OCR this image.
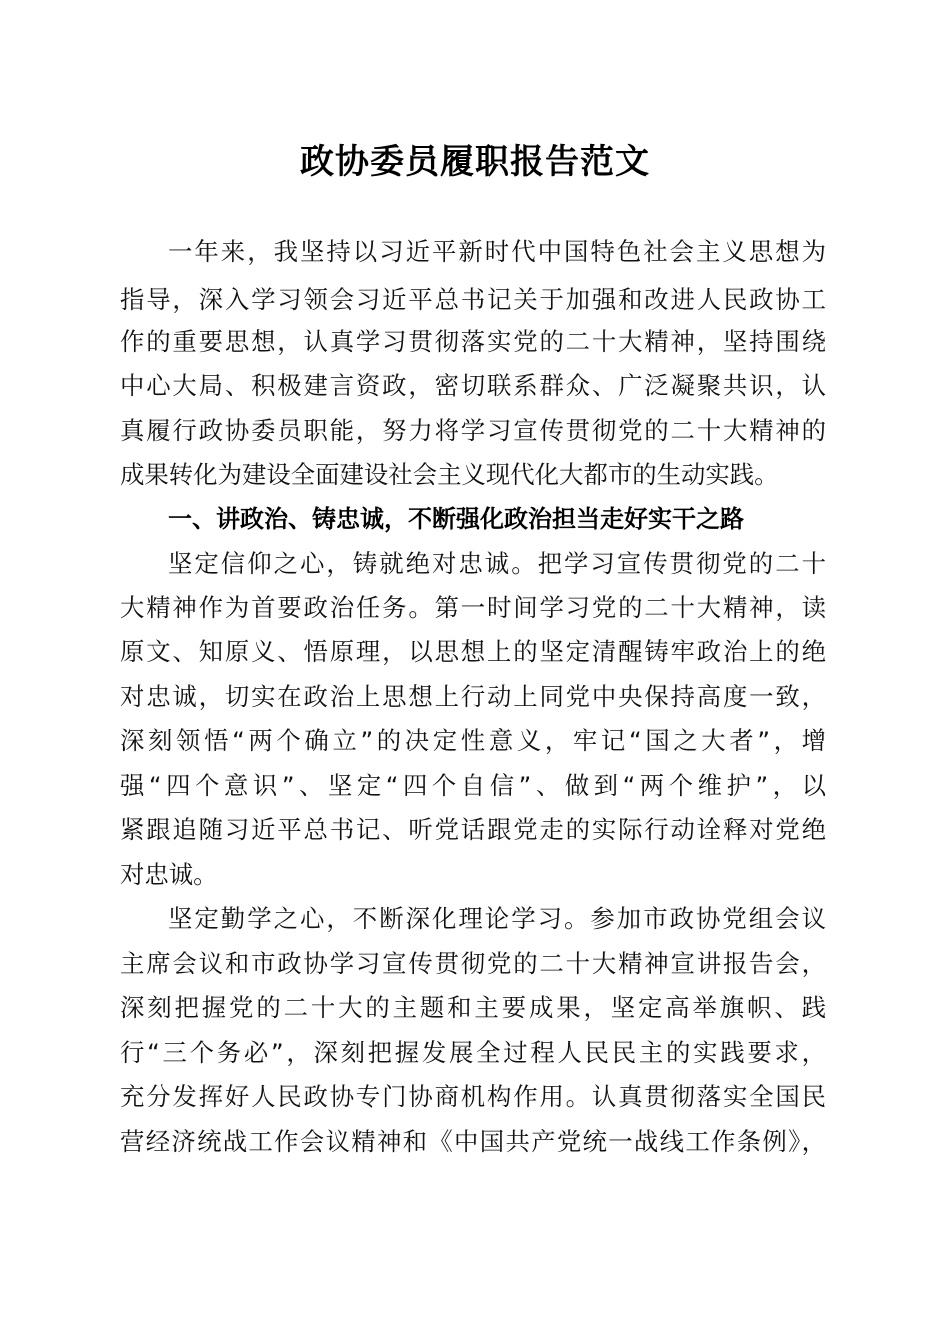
政协委员履职报告范文
一年来，我坚持以习近平新时代中国特色社会主义思想为
指导，深入学习领会习近平总书记关于加强和改进人民政协工
作的重要思想，认真学习贯彻落实党的二十大精神，坚持围绕
中心大局、积极建言资政，密切联系群众、广泛凝聚共识，认
真履行政协委员职能，努力将学习宣传贯彻党的二十大精神的
成果转化为建设全面建设社会主义现代化大都市的生动实践。
一、讲政治、铸忠诚，不断强化政治担当走好实干之路
坚定信仰之心，铸就绝对忠诚。把学习宣传贯彻党的二十
大精神作为首要政治任务。第一时间学习党的二十大精神，读
原文、知原义、悟原理，以思想上的坚定清醒铸牢政治上的绝
对忠诚，切实在政治上思想上行动上同党中央保持高度一致，
深刻领悟“两个确立”的决定性意义，牢记“国之大者”，增
强“四个意识”、坚定“四个自信”、做到“两个维护”，以
紧跟追随习近平总书记、听党话跟党走的实际行动诠释对党绝
对忠诚。
坚定勤学之心，不断深化理论学习。参加市政协党组会议
主席会议和市政协学习宣传贯彻党的二十大精神宣讲报告会，
深刻把握党的二十大的主题和主要成果，坚定高举旗帜、践
行“三个务必”，深刻把握发展全过程人民民主的实践要求，
充分发挥好人民政协专门协商机构作用。认真贯彻落实全国民
营经济统战工作会议精神和《中国共产党统一战线工作条例》，
